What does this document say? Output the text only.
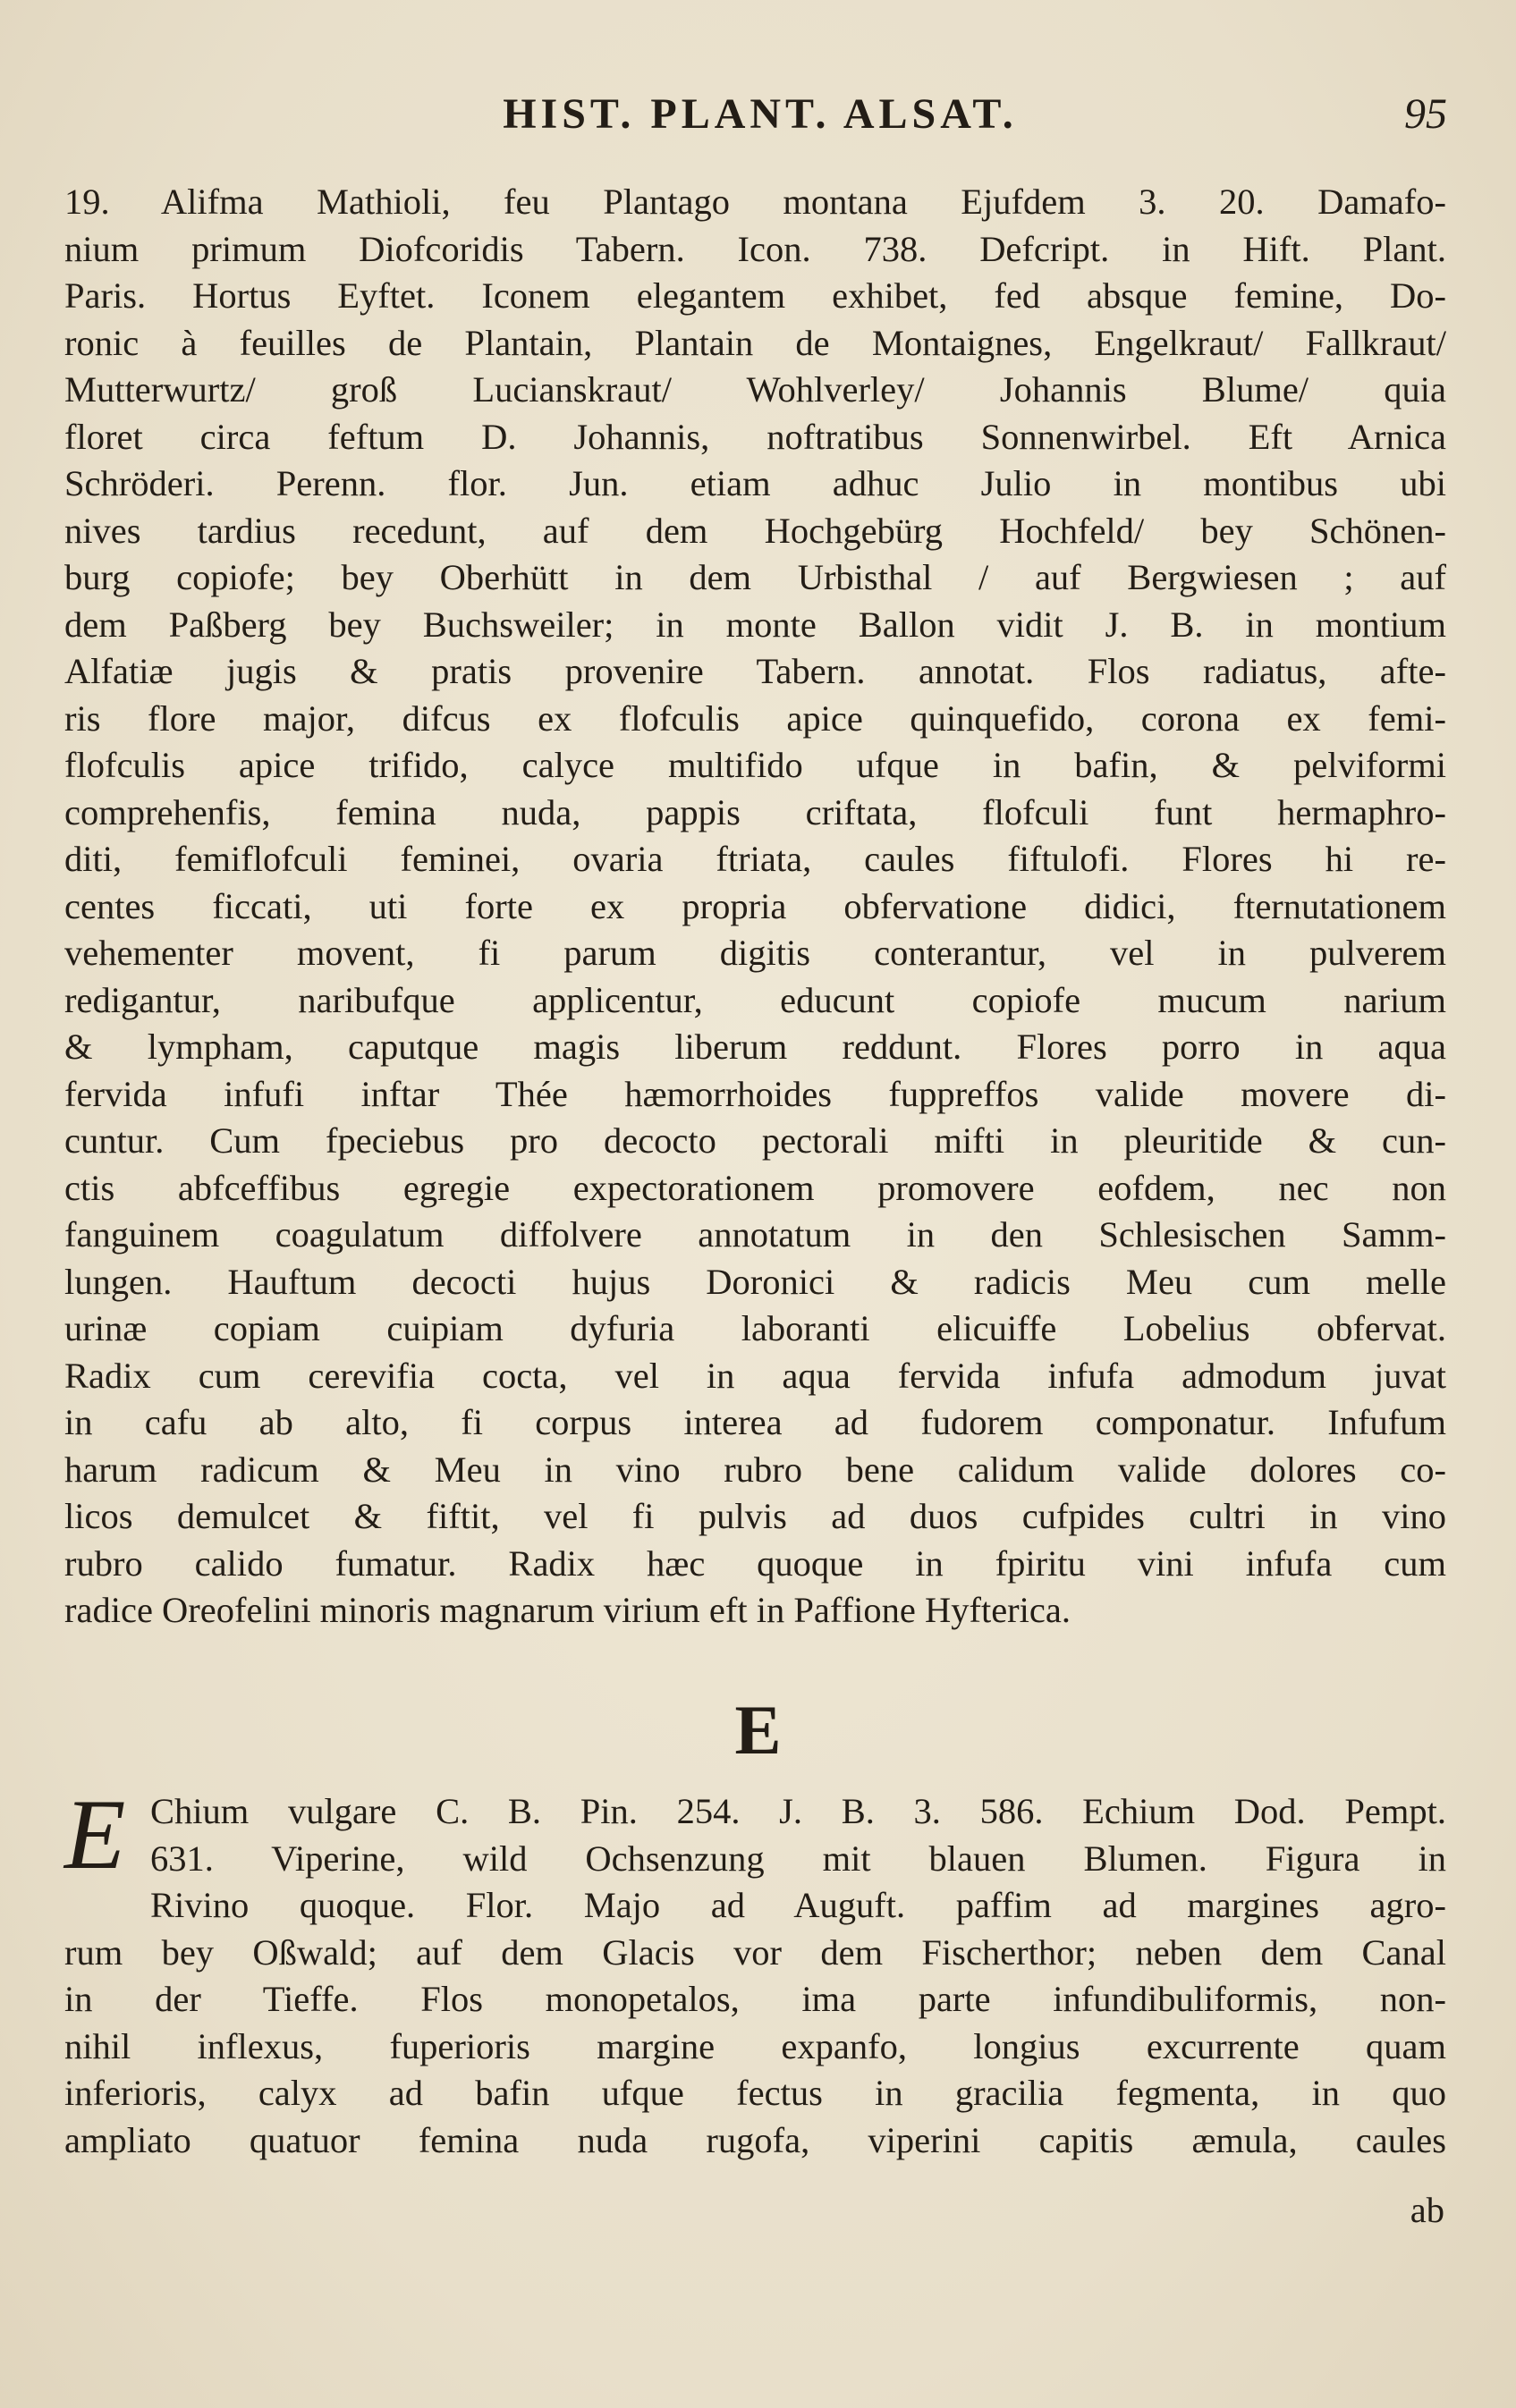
HIST. PLANT. ALSAT.	95
19. Alifma Mathioli, feu Plantago montana Ejufdem 3. 20. Damafo-
nium primum Diofcoridis Tabern. Icon. 738. Defcript. in Hift. Plant.
Paris. Hortus Eyftet. Iconem elegantem exhibet, fed absque femine, Do-
ronic à feuilles de Plantain, Plantain de Montaignes, Engelkraut/ Fallkraut/
Mutterwurtz/ groß Lucianskraut/ Wohlverley/ Johannis Blume/ quia
floret circa feftum D. Johannis, noftratibus Sonnenwirbel. Eft Arnica
Schröderi. Perenn. flor. Jun. etiam adhuc Julio in montibus ubi
nives tardius recedunt, auf dem Hochgebürg Hochfeld/ bey Schönen-
burg copiofe; bey Oberhütt in dem Urbisthal / auf Bergwiesen ; auf
dem Paßberg bey Buchsweiler; in monte Ballon vidit J. B. in montium
Alfatiæ jugis & pratis provenire Tabern. annotat. Flos radiatus, afte-
ris flore major, difcus ex flofculis apice quinquefido, corona ex femi-
flofculis apice trifido, calyce multifido ufque in bafin, & pelviformi
comprehenfis, femina nuda, pappis criftata, flofculi funt hermaphro-
diti, femiflofculi feminei, ovaria ftriata, caules fiftulofi. Flores hi re-
centes ficcati, uti forte ex propria obfervatione didici, fternutationem
vehementer movent, fi parum digitis conterantur, vel in pulverem
redigantur, naribufque applicentur, educunt copiofe mucum narium
& lympham, caputque magis liberum reddunt. Flores porro in aqua
fervida infufi inftar Thée hæmorrhoides fuppreffos valide movere di-
cuntur. Cum fpeciebus pro decocto pectorali mifti in pleuritide & cun-
ctis abfceffibus egregie expectorationem promovere eofdem, nec non
fanguinem coagulatum diffolvere annotatum in den Schlesischen Samm-
lungen. Hauftum decocti hujus Doronici & radicis Meu cum melle
urinæ copiam cuipiam dyfuria laboranti elicuiffe Lobelius obfervat.
Radix cum cerevifia cocta, vel in aqua fervida infufa admodum juvat
in cafu ab alto, fi corpus interea ad fudorem componatur. Infufum
harum radicum & Meu in vino rubro bene calidum valide dolores co-
licos demulcet & fiftit, vel fi pulvis ad duos cufpides cultri in vino
rubro calido fumatur. Radix hæc quoque in fpiritu vini infufa cum
radice Oreofelini minoris magnarum virium eft in Paffione Hyfterica.
E
E Chium vulgare C. B. Pin. 254. J. B. 3. 586. Echium Dod. Pempt.
631. Viperine, wild Ochsenzung mit blauen Blumen. Figura in
Rivino quoque. Flor. Majo ad Auguft. paffim ad margines agro-
rum bey Oßwald; auf dem Glacis vor dem Fischerthor; neben dem Canal
in der Tieffe. Flos monopetalos, ima parte infundibuliformis, non-
nihil inflexus, fuperioris margine expanfo, longius excurrente quam
inferioris, calyx ad bafin ufque fectus in gracilia fegmenta, in quo
ampliato quatuor femina nuda rugofa, viperini capitis æmula, caules
ab
